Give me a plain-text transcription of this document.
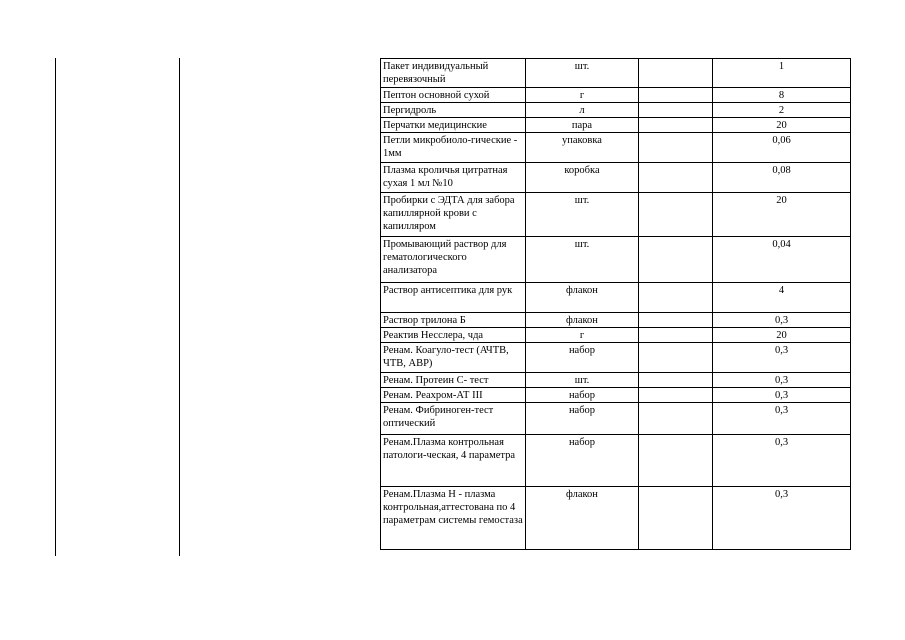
Пакет индивидуальный перевязочный	шт.		1
Пептон основной сухой	г		8
Пергидроль	л		2
Перчатки медицинские	пара		20
Петли микробиоло-гические - 1мм	упаковка		0,06
Плазма кроличья цитратная сухая 1 мл №10	коробка		0,08
Пробирки с ЭДТА для забора капиллярной крови с капилляром	шт.		20
Промывающий раствор для гематологического анализатора	шт.		0,04
Раствор антисептика для рук	флакон		4
Раствор трилона Б	флакон		0,3
Реактив Несслера, чда	г		20
Ренам. Коагуло-тест (АЧТВ, ЧТВ, АВР)	набор		0,3
Ренам. Протеин С- тест	шт.		0,3
Ренам. Реахром-АТ III	набор		0,3
Ренам. Фибриноген-тест оптический	набор		0,3
Ренам.Плазма контрольная патологи-ческая, 4 параметра	набор		0,3
Ренам.Плазма Н - плазма контрольная,аттестована по 4 параметрам системы гемостаза	флакон		0,3
